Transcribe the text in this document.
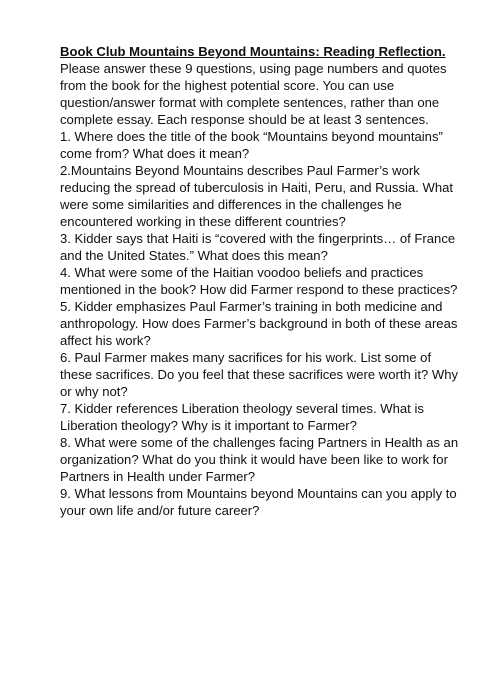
Book Club Mountains Beyond Mountains: Reading Reflection.

Please answer these 9 questions, using page numbers and quotes from the book for the highest potential score. You can use question/answer format with complete sentences, rather than one complete essay. Each response should be at least 3 sentences.

1. Where does the title of the book “Mountains beyond mountains” come from? What does it mean?

2.Mountains Beyond Mountains describes Paul Farmer’s work reducing the spread of tuberculosis in Haiti, Peru, and Russia. What were some similarities and differences in the challenges he encountered working in these different countries?

3. Kidder says that Haiti is “covered with the fingerprints… of France and the United States.” What does this mean?

4. What were some of the Haitian voodoo beliefs and practices mentioned in the book? How did Farmer respond to these practices?

5. Kidder emphasizes Paul Farmer’s training in both medicine and anthropology. How does Farmer’s background in both of these areas affect his work?

6. Paul Farmer makes many sacrifices for his work. List some of these sacrifices. Do you feel that these sacrifices were worth it? Why or why not?

7. Kidder references Liberation theology several times. What is Liberation theology? Why is it important to Farmer?

8. What were some of the challenges facing Partners in Health as an organization? What do you think it would have been like to work for Partners in Health under Farmer?

9. What lessons from Mountains beyond Mountains can you apply to your own life and/or future career?
